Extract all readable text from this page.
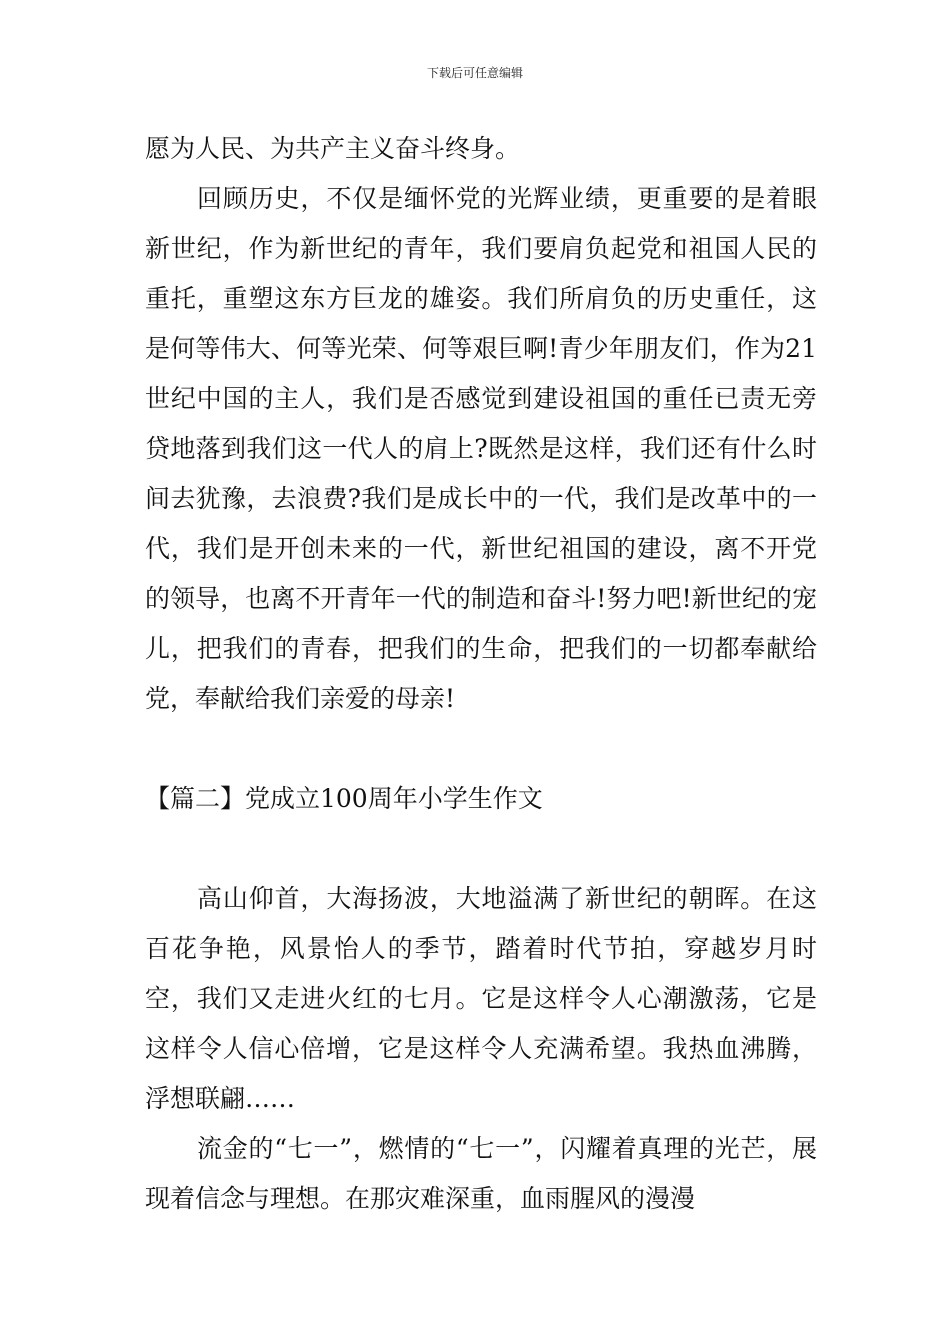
下载后可任意编辑

愿为人民、为共产主义奋斗终身。

回顾历史，不仅是缅怀党的光辉业绩，更重要的是着眼新世纪，作为新世纪的青年，我们要肩负起党和祖国人民的重托，重塑这东方巨龙的雄姿。我们所肩负的历史重任，这是何等伟大、何等光荣、何等艰巨啊!青少年朋友们，作为21世纪中国的主人，我们是否感觉到建设祖国的重任已责无旁贷地落到我们这一代人的肩上?既然是这样，我们还有什么时间去犹豫，去浪费?我们是成长中的一代，我们是改革中的一代，我们是开创未来的一代，新世纪祖国的建设，离不开党的领导，也离不开青年一代的制造和奋斗!努力吧!新世纪的宠儿，把我们的青春，把我们的生命，把我们的一切都奉献给党，奉献给我们亲爱的母亲!

【篇二】党成立100周年小学生作文

高山仰首，大海扬波，大地溢满了新世纪的朝晖。在这百花争艳，风景怡人的季节，踏着时代节拍，穿越岁月时空，我们又走进火红的七月。它是这样令人心潮激荡，它是这样令人信心倍增，它是这样令人充满希望。我热血沸腾，浮想联翩……

流金的“七一”，燃情的“七一”，闪耀着真理的光芒，展现着信念与理想。在那灾难深重，血雨腥风的漫漫
